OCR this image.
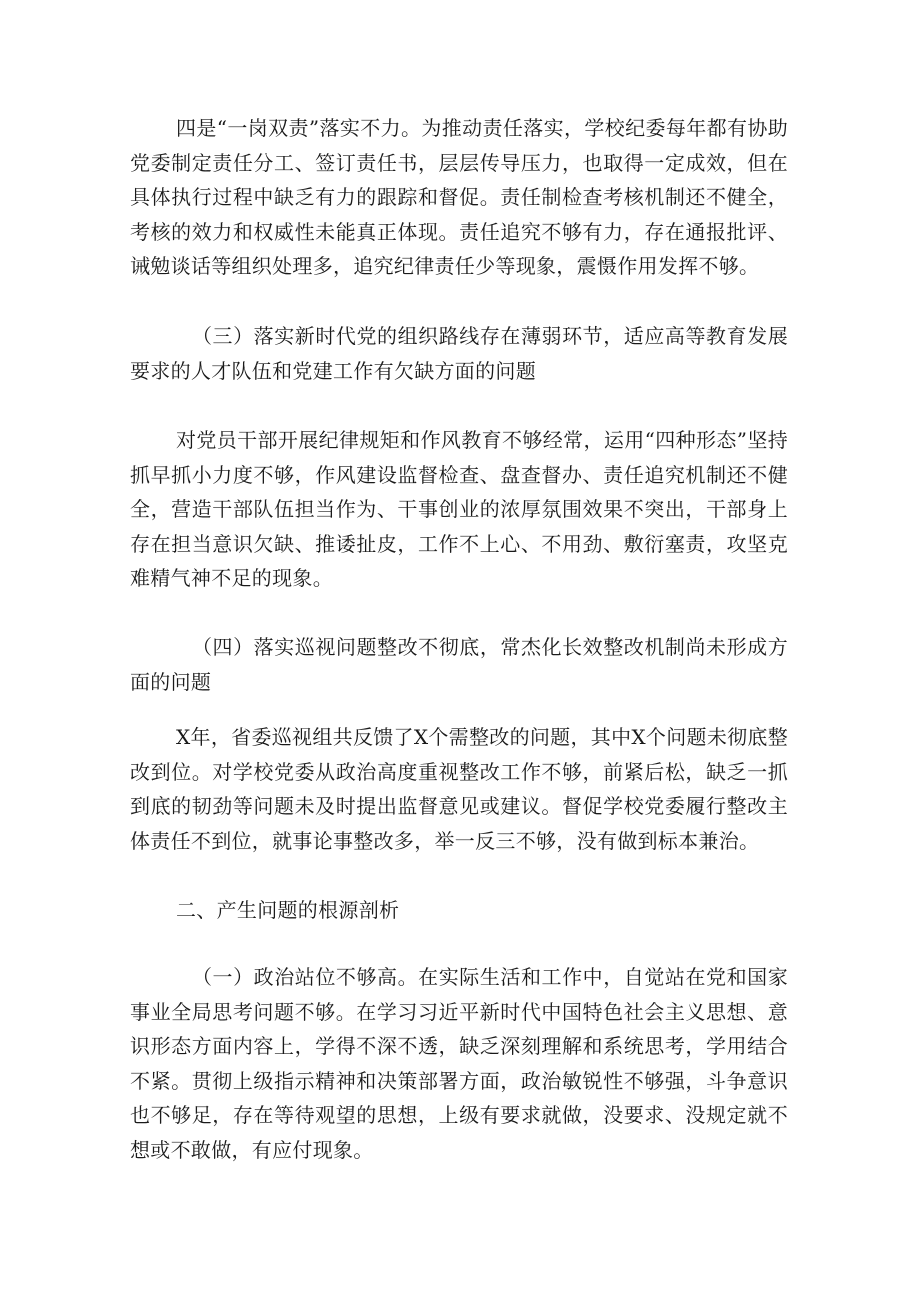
四是“一岗双责”落实不力。为推动责任落实，学校纪委每年都有协助党委制定责任分工、签订责任书，层层传导压力，也取得一定成效，但在具体执行过程中缺乏有力的跟踪和督促。责任制检查考核机制还不健全，考核的效力和权威性未能真正体现。责任追究不够有力，存在通报批评、诫勉谈话等组织处理多，追究纪律责任少等现象，震慑作用发挥不够。

（三）落实新时代党的组织路线存在薄弱环节，适应高等教育发展要求的人才队伍和党建工作有欠缺方面的问题

对党员干部开展纪律规矩和作风教育不够经常，运用“四种形态”坚持抓早抓小力度不够，作风建设监督检查、盘查督办、责任追究机制还不健全，营造干部队伍担当作为、干事创业的浓厚氛围效果不突出，干部身上存在担当意识欠缺、推诿扯皮，工作不上心、不用劲、敷衍塞责，攻坚克难精气神不足的现象。

（四）落实巡视问题整改不彻底，常杰化长效整改机制尚未形成方面的问题

X年，省委巡视组共反馈了X个需整改的问题，其中X个问题未彻底整改到位。对学校党委从政治高度重视整改工作不够，前紧后松，缺乏一抓到底的韧劲等问题未及时提出监督意见或建议。督促学校党委履行整改主体责任不到位，就事论事整改多，举一反三不够，没有做到标本兼治。

二、产生问题的根源剖析

（一）政治站位不够高。在实际生活和工作中，自觉站在党和国家事业全局思考问题不够。在学习习近平新时代中国特色社会主义思想、意识形态方面内容上，学得不深不透，缺乏深刻理解和系统思考，学用结合不紧。贯彻上级指示精神和决策部署方面，政治敏锐性不够强，斗争意识也不够足，存在等待观望的思想，上级有要求就做，没要求、没规定就不想或不敢做，有应付现象。
